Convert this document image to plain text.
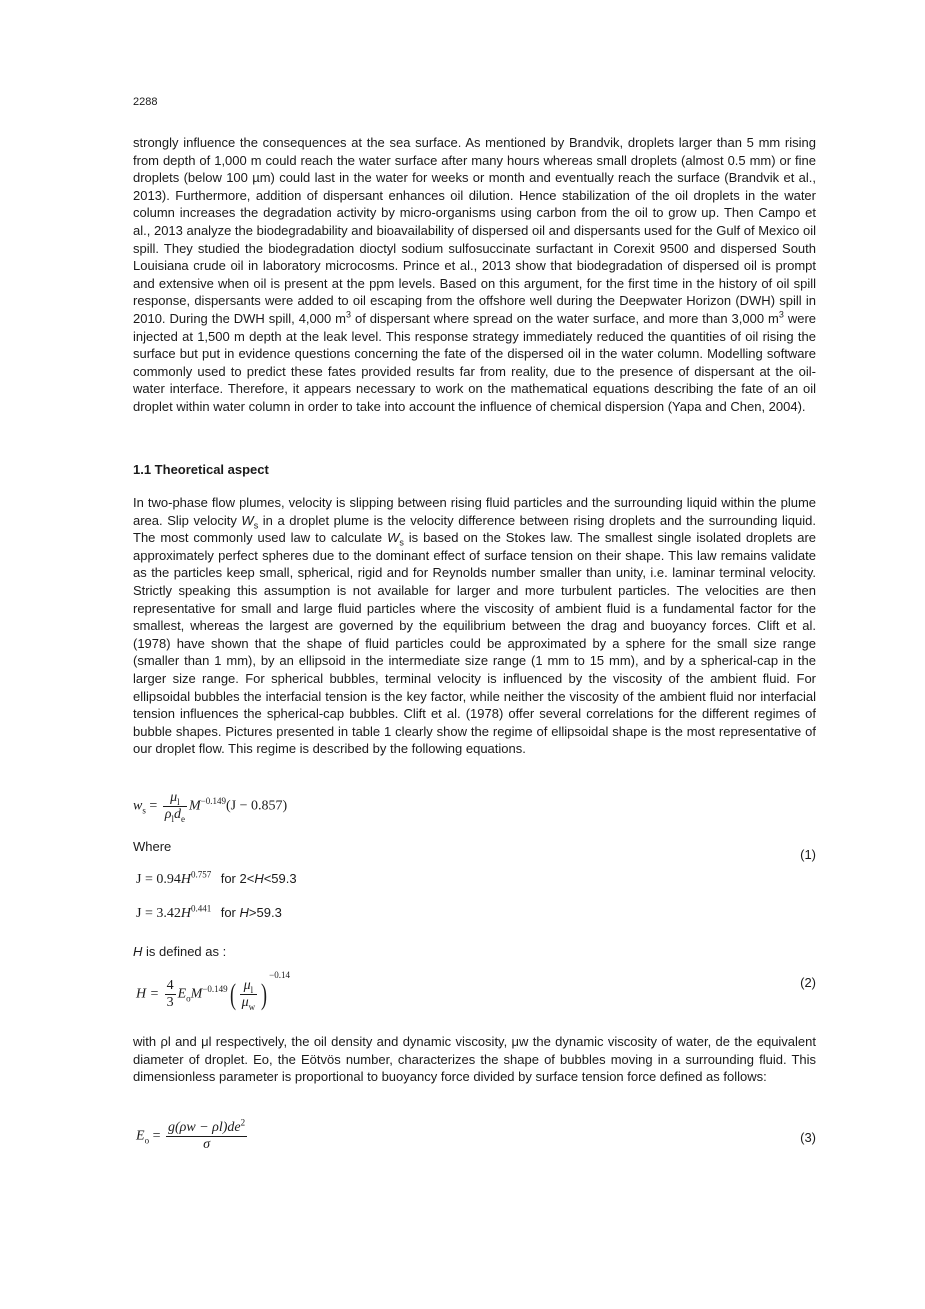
2288

strongly influence the consequences at the sea surface. As mentioned by Brandvik, droplets larger than 5 mm rising from depth of 1,000 m could reach the water surface after many hours whereas small droplets (almost 0.5 mm) or fine droplets (below 100 µm) could last in the water for weeks or month and eventually reach the surface (Brandvik et al., 2013). Furthermore, addition of dispersant enhances oil dilution. Hence stabilization of the oil droplets in the water column increases the degradation activity by micro-organisms using carbon from the oil to grow up. Then Campo et al., 2013 analyze the biodegradability and bioavailability of dispersed oil and dispersants used for the Gulf of Mexico oil spill. They studied the biodegradation dioctyl sodium sulfosuccinate surfactant in Corexit 9500 and dispersed South Louisiana crude oil in laboratory microcosms. Prince et al., 2013 show that biodegradation of dispersed oil is prompt and extensive when oil is present at the ppm levels. Based on this argument, for the first time in the history of oil spill response, dispersants were added to oil escaping from the offshore well during the Deepwater Horizon (DWH) spill in 2010. During the DWH spill, 4,000 $m^3$ of dispersant where spread on the water surface, and more than 3,000 $m^3$ were injected at 1,500 m depth at the leak level. This response strategy immediately reduced the quantities of oil rising the surface but put in evidence questions concerning the fate of the dispersed oil in the water column. Modelling software commonly used to predict these fates provided results far from reality, due to the presence of dispersant at the oil-water interface. Therefore, it appears necessary to work on the mathematical equations describing the fate of an oil droplet within water column in order to take into account the influence of chemical dispersion (Yapa and Chen, 2004).

1.1 Theoretical aspect

In two-phase flow plumes, velocity is slipping between rising fluid particles and the surrounding liquid within the plume area. Slip velocity $W_s$ in a droplet plume is the velocity difference between rising droplets and the surrounding liquid. The most commonly used law to calculate $W_s$ is based on the Stokes law. The smallest single isolated droplets are approximately perfect spheres due to the dominant effect of surface tension on their shape. This law remains validate as the particles keep small, spherical, rigid and for Reynolds number smaller than unity, i.e. laminar terminal velocity. Strictly speaking this assumption is not available for larger and more turbulent particles. The velocities are then representative for small and large fluid particles where the viscosity of ambient fluid is a fundamental factor for the smallest, whereas the largest are governed by the equilibrium between the drag and buoyancy forces. Clift et al. (1978) have shown that the shape of fluid particles could be approximated by a sphere for the small size range (smaller than 1 mm), by an ellipsoid in the intermediate size range (1 mm to 15 mm), and by a spherical-cap in the larger size range. For spherical bubbles, terminal velocity is influenced by the viscosity of the ambient fluid. For ellipsoidal bubbles the interfacial tension is the key factor, while neither the viscosity of the ambient fluid nor interfacial tension influences the spherical-cap bubbles. Clift et al. (1978) offer several correlations for the different regimes of bubble shapes. Pictures presented in table 1 clearly show the regime of ellipsoidal shape is the most representative of our droplet flow. This regime is described by the following equations.

$w_s = \frac{\mu_l}{\rho_ld_e} M^{-0.149}(J - 0.857)$
Where
(1)
$J = 0.94H^{0.757}$ for 2<H<59.3
$J = 3.42H^{0.441}$ for H>59.3
H is defined as :
$H = \frac{4}{3} E_oM^{-0.149}( \frac{\mu_l}{\mu_w} )^{-0.14}$	(2)

with ρl and μl respectively, the oil density and dynamic viscosity, μw the dynamic viscosity of water, de the equivalent diameter of droplet. Eo, the Eötvös number, characterizes the shape of bubbles moving in a surrounding fluid. This dimensionless parameter is proportional to buoyancy force divided by surface tension force defined as follows:

$E_o = \frac{g(\rho w - \rho l)de^2}{\sigma}$	(3)
